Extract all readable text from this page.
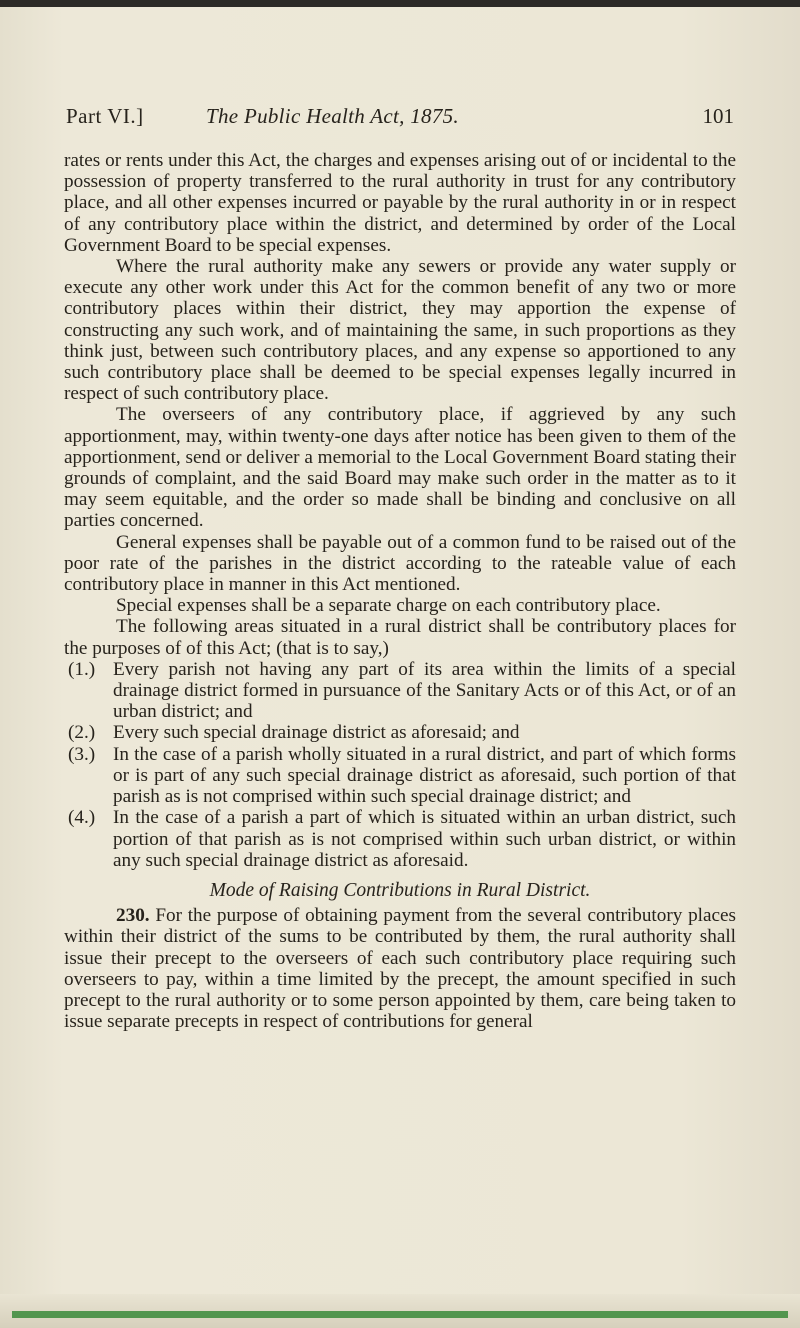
Part VI.]	The Public Health Act, 1875.	101

rates or rents under this Act, the charges and expenses arising out of or incidental to the possession of property transferred to the rural authority in trust for any contributory place, and all other expenses incurred or payable by the rural authority in or in respect of any contributory place within the district, and determined by order of the Local Government Board to be special expenses.

Where the rural authority make any sewers or provide any water supply or execute any other work under this Act for the common benefit of any two or more contributory places within their district, they may apportion the expense of constructing any such work, and of maintaining the same, in such proportions as they think just, between such contributory places, and any expense so apportioned to any such contributory place shall be deemed to be special expenses legally incurred in respect of such contributory place.

The overseers of any contributory place, if aggrieved by any such apportionment, may, within twenty-one days after notice has been given to them of the apportionment, send or deliver a memorial to the Local Government Board stating their grounds of complaint, and the said Board may make such order in the matter as to it may seem equitable, and the order so made shall be binding and conclusive on all parties concerned.

General expenses shall be payable out of a common fund to be raised out of the poor rate of the parishes in the district according to the rateable value of each contributory place in manner in this Act mentioned.

Special expenses shall be a separate charge on each contributory place.

The following areas situated in a rural district shall be contributory places for the purposes of of this Act; (that is to say,)

(1.) Every parish not having any part of its area within the limits of a special drainage district formed in pursuance of the Sanitary Acts or of this Act, or of an urban district; and
(2.) Every such special drainage district as aforesaid; and
(3.) In the case of a parish wholly situated in a rural district, and part of which forms or is part of any such special drainage district as aforesaid, such portion of that parish as is not comprised within such special drainage district; and
(4.) In the case of a parish a part of which is situated within an urban district, such portion of that parish as is not comprised within such urban district, or within any such special drainage district as aforesaid.
Mode of Raising Contributions in Rural District.

230. For the purpose of obtaining payment from the several contributory places within their district of the sums to be contributed by them, the rural authority shall issue their precept to the overseers of each such contributory place requiring such overseers to pay, within a time limited by the precept, the amount specified in such precept to the rural authority or to some person appointed by them, care being taken to issue separate precepts in respect of contributions for general
